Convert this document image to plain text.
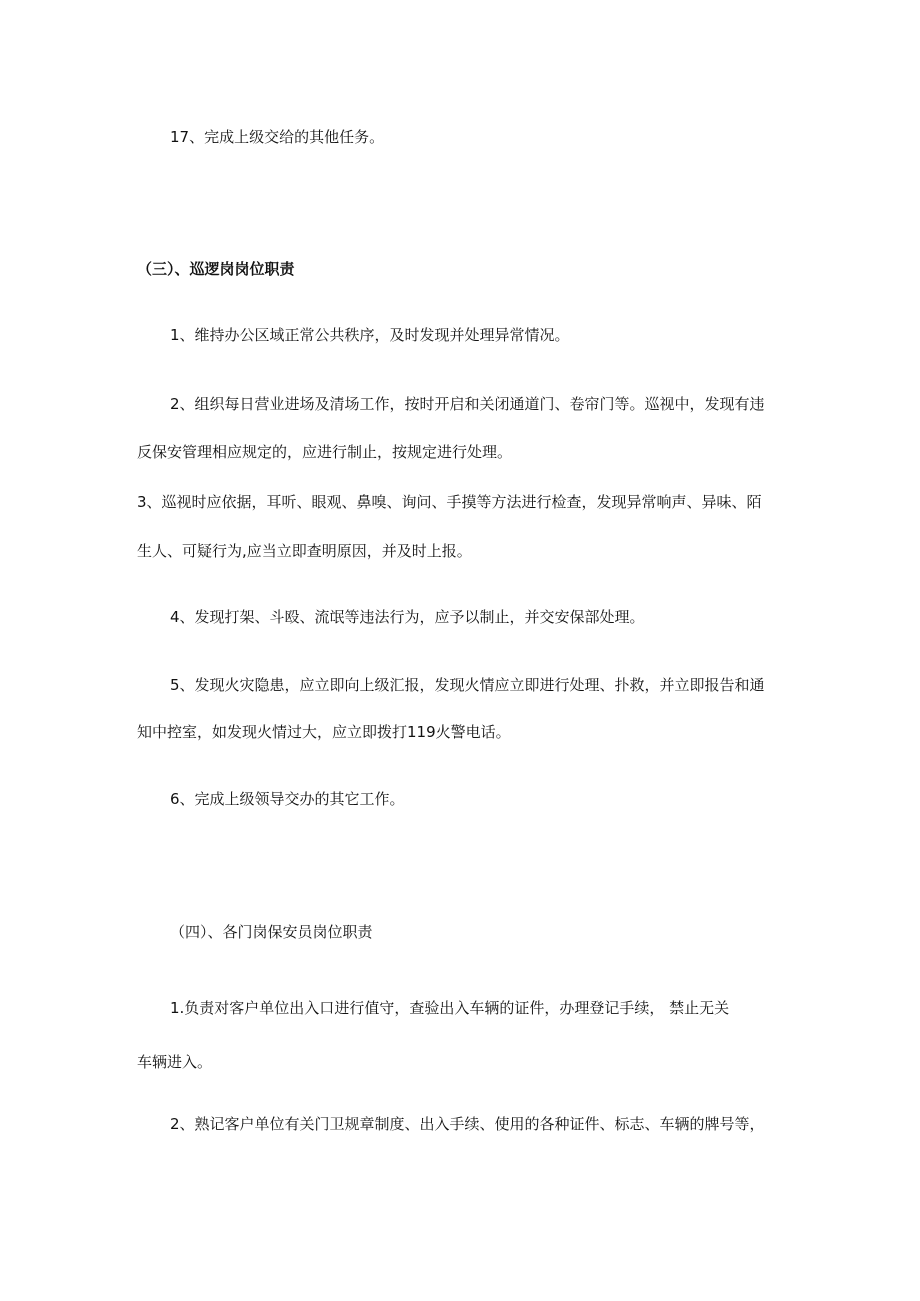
17、完成上级交给的其他任务。

（三）、巡逻岗岗位职责

1、维持办公区域正常公共秩序，及时发现并处理异常情况。

2、组织每日营业进场及清场工作，按时开启和关闭通道门、卷帘门等。巡视中，发现有违

反保安管理相应规定的，应进行制止，按规定进行处理。

3、巡视时应依据，耳听、眼观、鼻嗅、询问、手摸等方法进行检查，发现异常响声、异味、陌

生人、可疑行为,应当立即查明原因，并及时上报。

4、发现打架、斗殴、流氓等违法行为，应予以制止，并交安保部处理。

5、发现火灾隐患，应立即向上级汇报，发现火情应立即进行处理、扑救，并立即报告和通

知中控室，如发现火情过大，应立即拨打119火警电话。

6、完成上级领导交办的其它工作。

（四）、各门岗保安员岗位职责

1.负责对客户单位出入口进行值守，查验出入车辆的证件，办理登记手续， 禁止无关

车辆进入。

2、熟记客户单位有关门卫规章制度、出入手续、使用的各种证件、标志、车辆的牌号等，
